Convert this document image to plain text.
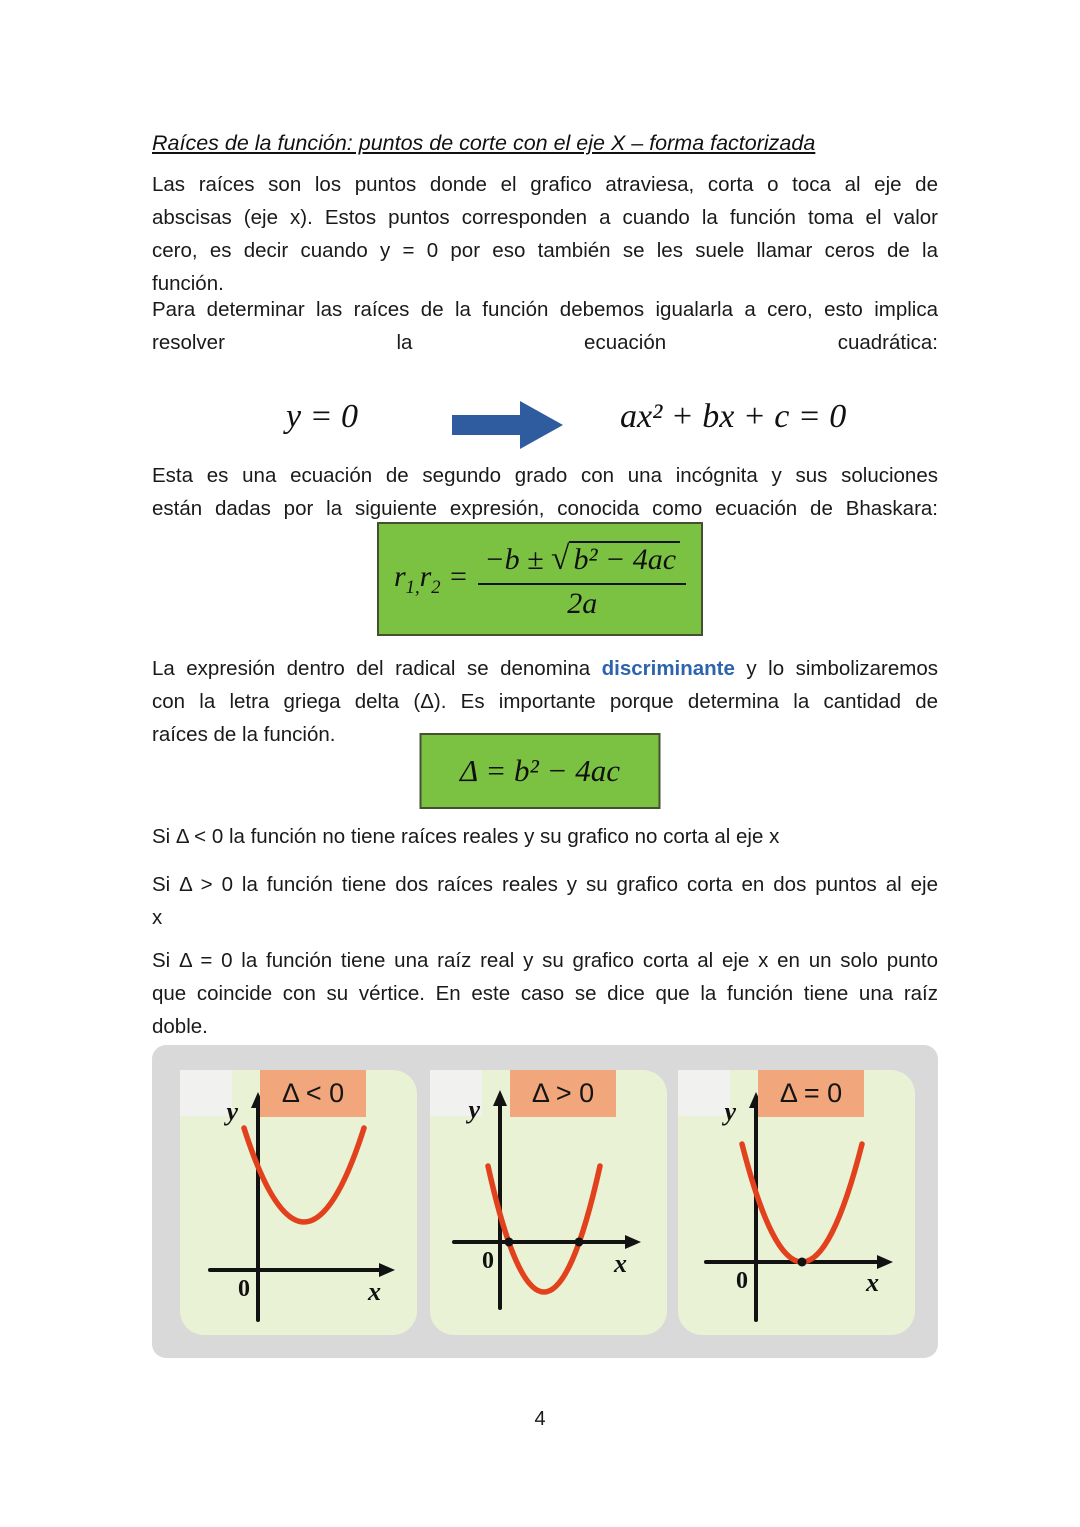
Raíces de la función: puntos de corte con el eje X – forma factorizada
Las raíces son los puntos donde el grafico atraviesa, corta o toca al eje de
abscisas (eje x). Estos puntos corresponden a cuando la función toma el valor
cero, es decir cuando y = 0 por eso también se les suele llamar ceros de la
función.
Para determinar las raíces de la función debemos igualarla a cero, esto implica
resolver la ecuación cuadrática:
y = 0	ax² + bx + c = 0
Esta es una ecuación de segundo grado con una incógnita y sus soluciones
están dadas por la siguiente expresión, conocida como ecuación de Bhaskara:
$r_{1,}r_2 = \frac{\text{−b ± √ b² − 4ac}}{2a}$
La expresión dentro del radical se denomina discriminante y lo simbolizaremos
con la letra griega delta (Δ). Es importante porque determina la cantidad de
raíces de la función.
Δ = b² − 4ac
Si Δ < 0 la función no tiene raíces reales y su grafico no corta al eje x
Si Δ > 0 la función tiene dos raíces reales y su grafico corta en dos puntos al eje
x
Si Δ = 0 la función tiene una raíz real y su grafico corta al eje x en un solo punto
que coincide con su vértice. En este caso se dice que la función tiene una raíz
doble.
y
x
0
Δ < 0
y
x
0
Δ > 0
y
x
0
Δ = 0
4
